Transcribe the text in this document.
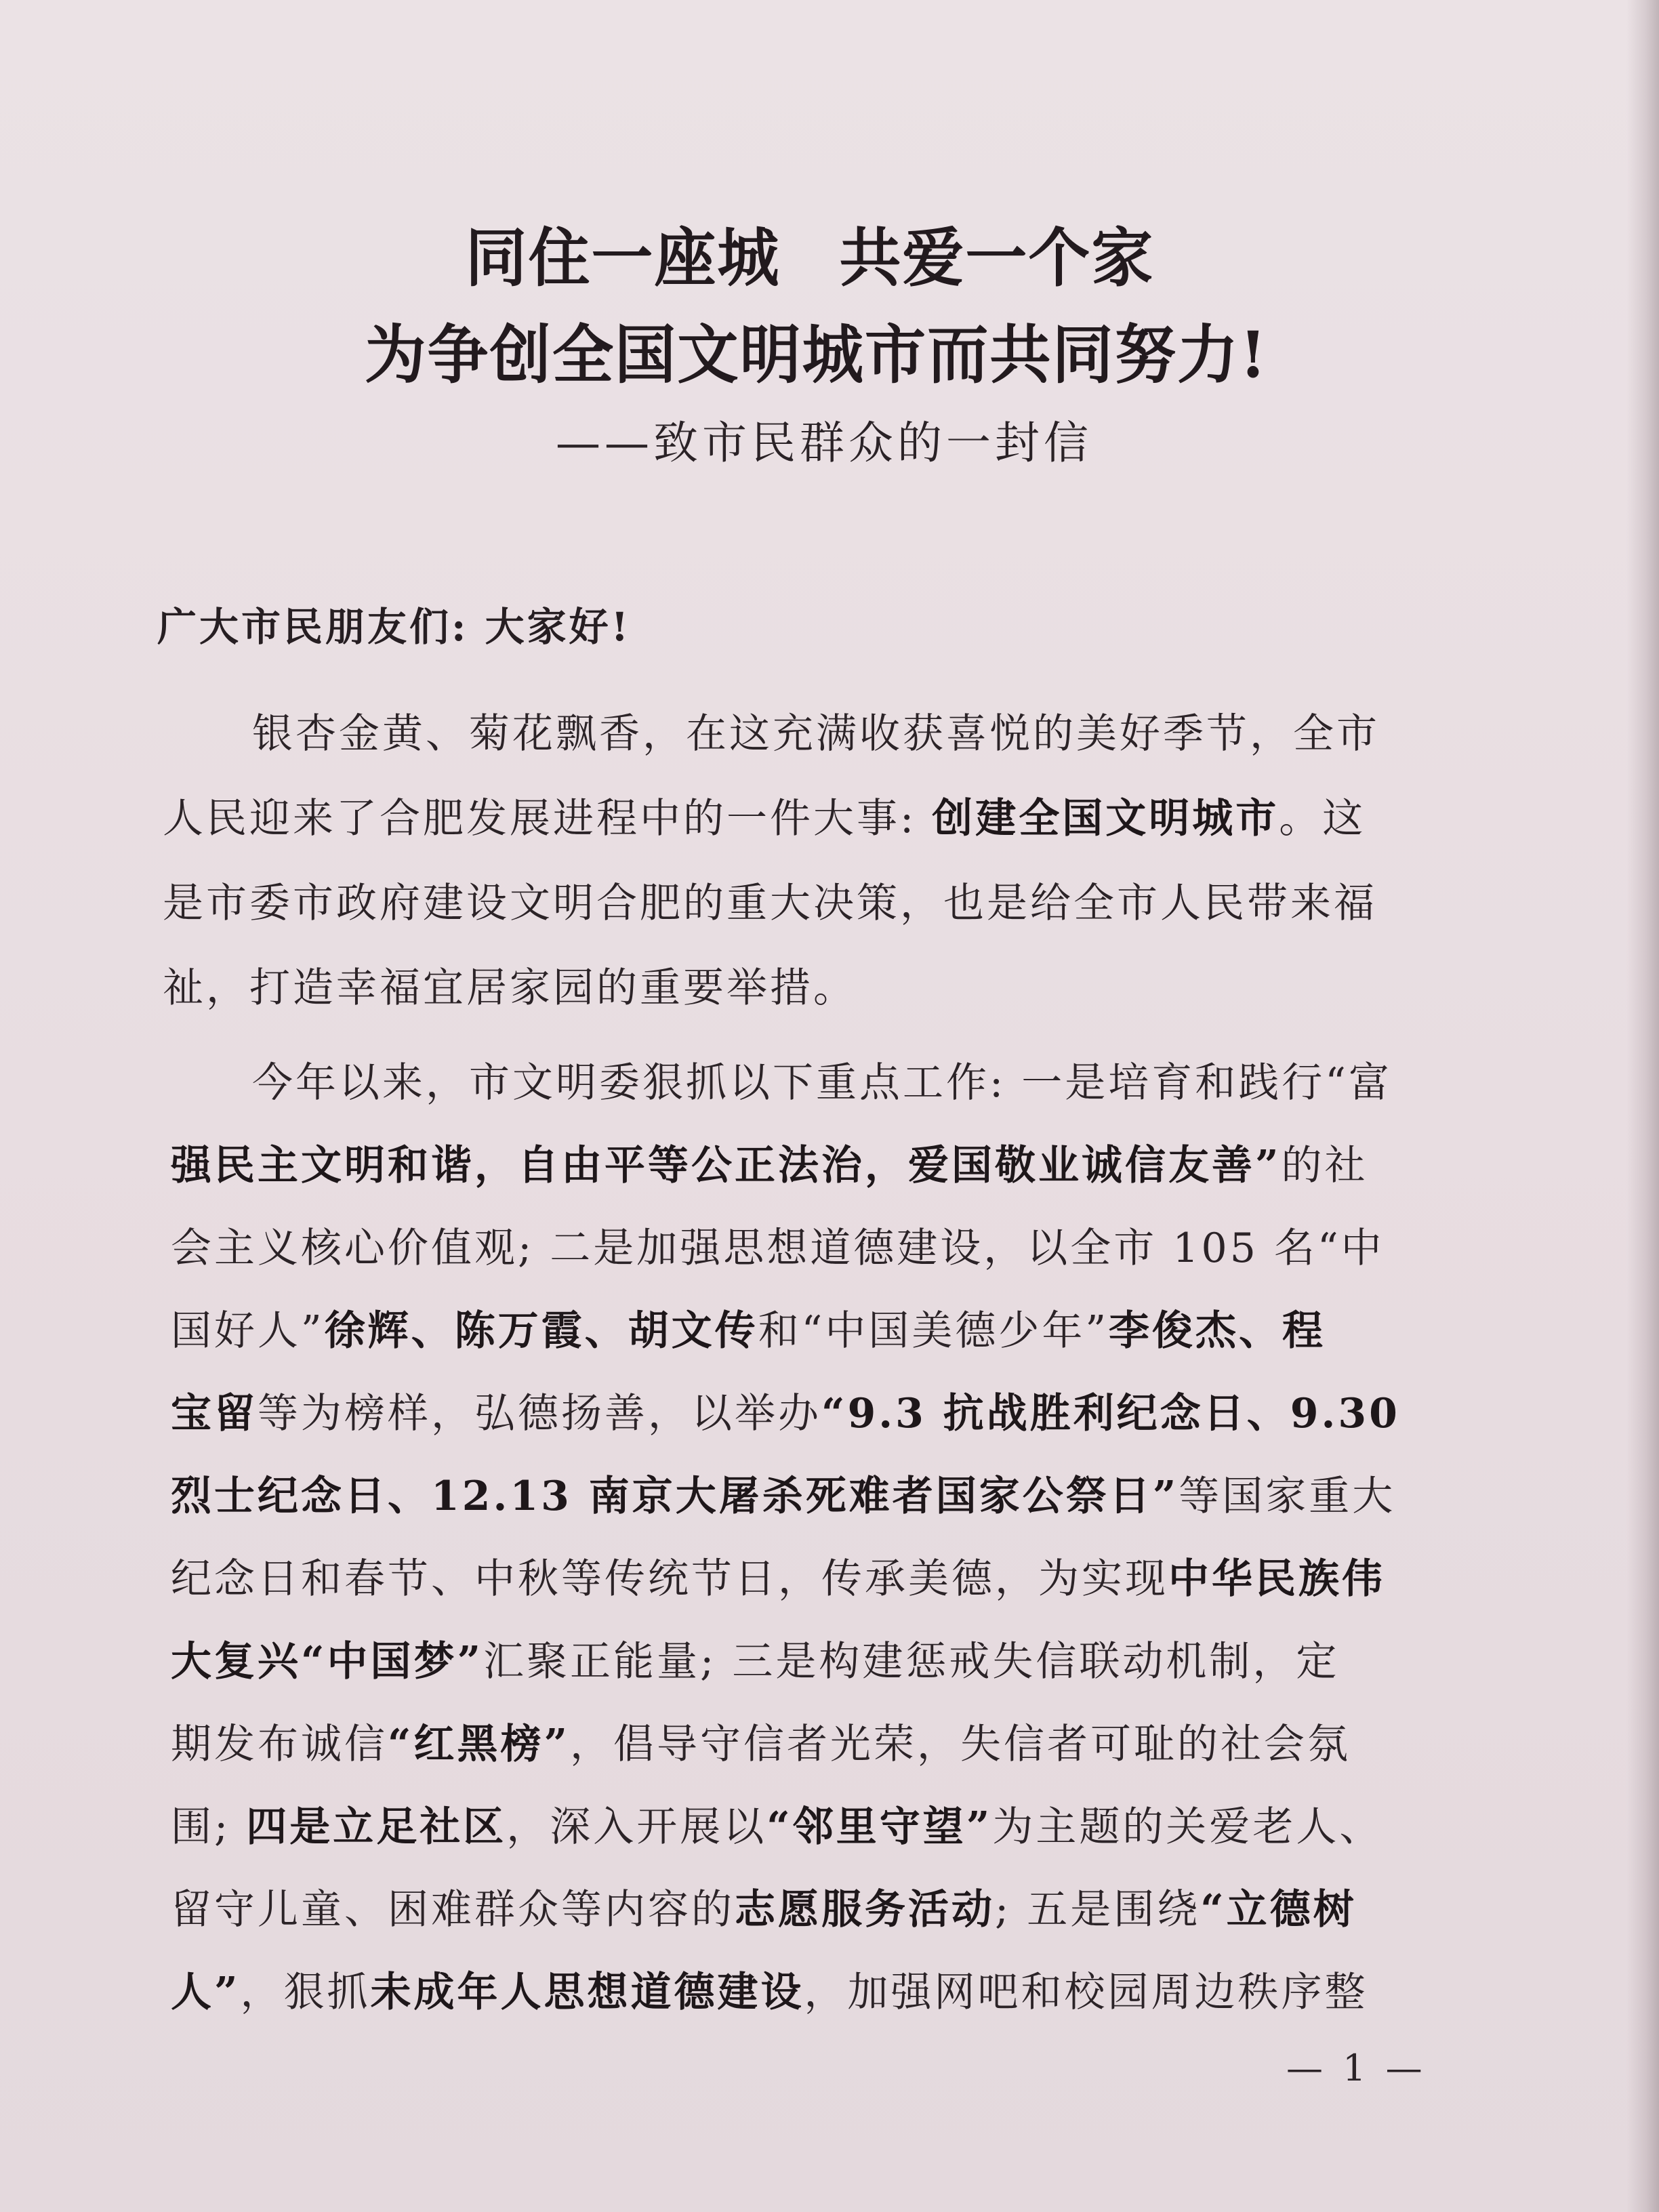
同住一座城 共爱一个家
为争创全国文明城市而共同努力!
——致市民群众的一封信
广大市民朋友们: 大家好!
银杏金黄、菊花飘香，在这充满收获喜悦的美好季节，全市
人民迎来了合肥发展进程中的一件大事: 创建全国文明城市。这
是市委市政府建设文明合肥的重大决策，也是给全市人民带来福
祉，打造幸福宜居家园的重要举措。
今年以来，市文明委狠抓以下重点工作: 一是培育和践行“富
强民主文明和谐，自由平等公正法治，爱国敬业诚信友善”的社
会主义核心价值观; 二是加强思想道德建设，以全市 105 名“中
国好人”徐辉、陈万霞、胡文传和“中国美德少年”李俊杰、程
宝留等为榜样，弘德扬善，以举办“9.3 抗战胜利纪念日、9.30
烈士纪念日、12.13 南京大屠杀死难者国家公祭日”等国家重大
纪念日和春节、中秋等传统节日，传承美德，为实现中华民族伟
大复兴“中国梦”汇聚正能量; 三是构建惩戒失信联动机制，定
期发布诚信“红黑榜”，倡导守信者光荣，失信者可耻的社会氛
围; 四是立足社区，深入开展以“邻里守望”为主题的关爱老人、
留守儿童、困难群众等内容的志愿服务活动; 五是围绕“立德树
人”，狠抓未成年人思想道德建设，加强网吧和校园周边秩序整
— 1 —
